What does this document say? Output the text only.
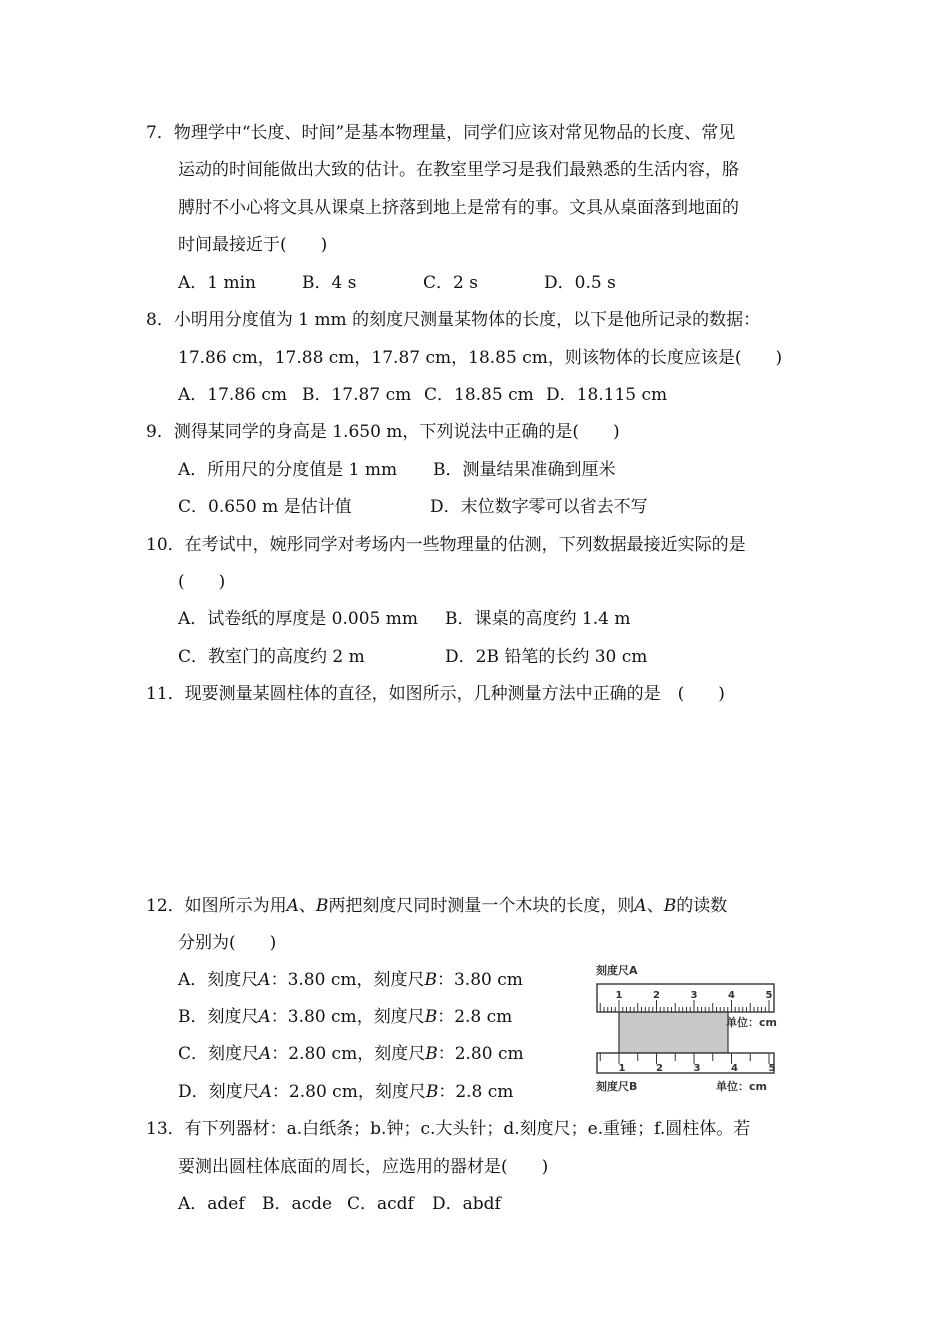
7．物理学中“长度、时间”是基本物理量，同学们应该对常见物品的长度、常见
运动的时间能做出大致的估计。在教室里学习是我们最熟悉的生活内容，胳
膊肘不小心将文具从课桌上挤落到地上是常有的事。文具从桌面落到地面的
时间最接近于(　　)
A．1 min	B．4 s	C．2 s	D．0.5 s
8．小明用分度值为 1 mm 的刻度尺测量某物体的长度，以下是他所记录的数据：
17.86 cm，17.88 cm，17.87 cm，18.85 cm，则该物体的长度应该是(　　)
A．17.86 cm B．17.87 cm C．18.85 cm D．18.115 cm
9．测得某同学的身高是 1.650 m，下列说法中正确的是(　　)
A．所用尺的分度值是 1 mm B．测量结果准确到厘米
C．0.650 m 是估计值	D．末位数字零可以省去不写
10．在考试中，婉彤同学对考场内一些物理量的估测，下列数据最接近实际的是
(　　)
A．试卷纸的厚度是 0.005 mm B．课桌的高度约 1.4 m
C．教室门的高度约 2 m	D．2B 铅笔的长约 30 cm
11．现要测量某圆柱体的直径，如图所示，几种测量方法中正确的是　(　　)
12．如图所示为用A、B两把刻度尺同时测量一个木块的长度，则A、B的读数
分别为(　　)
A．刻度尺A：3.80 cm，刻度尺B：3.80 cm
B．刻度尺A：3.80 cm，刻度尺B：2.8 cm
C．刻度尺A：2.80 cm，刻度尺B：2.80 cm
D．刻度尺A：2.80 cm，刻度尺B：2.8 cm
刻度尺A
1	2	3	4	5
单位：cm
1	2	3	4	5
刻度尺B	单位：cm
13．有下列器材：a.白纸条；b.钟；c.大头针；d.刻度尺；e.重锤；f.圆柱体。若
要测出圆柱体底面的周长，应选用的器材是(　　)
A．adef B．acde C．acdf D．abdf
